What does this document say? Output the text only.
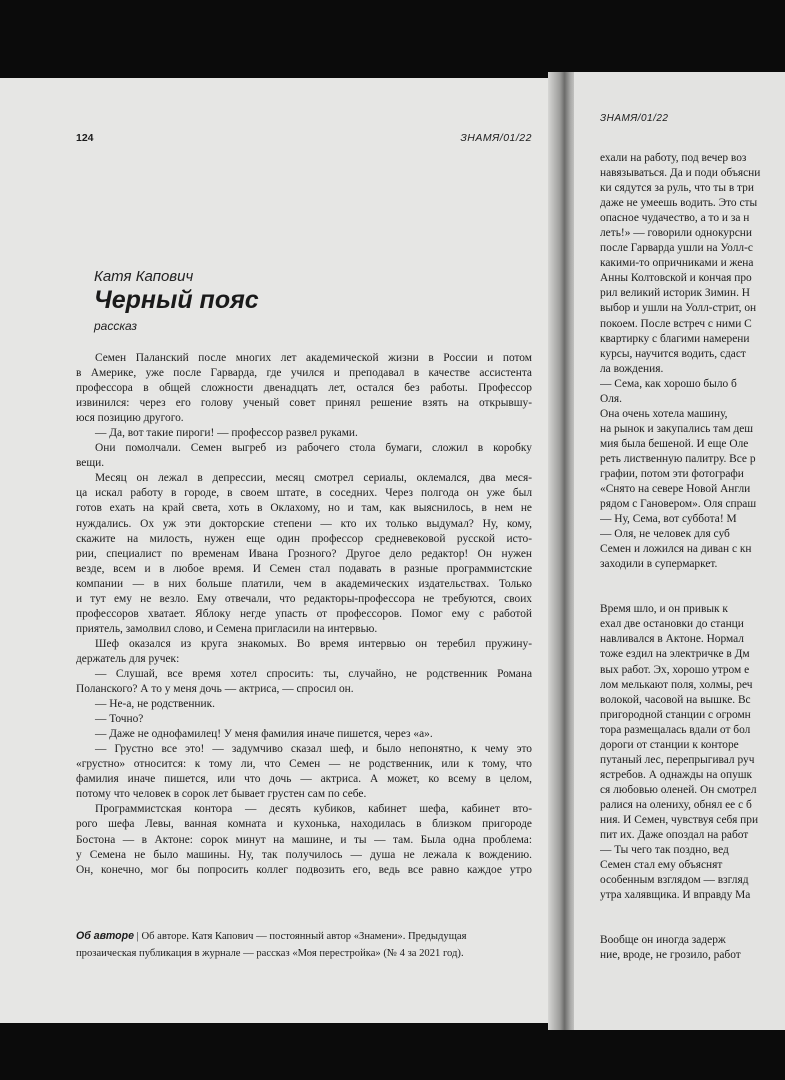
124	ЗНАМЯ/01/22
Катя Капович
Черный пояс
рассказ
Семен Паланский после многих лет академической жизни в России и потом
в Америке, уже после Гарварда, где учился и преподавал в качестве ассистента
профессора в общей сложности двенадцать лет, остался без работы. Профессор
извинился: через его голову ученый совет принял решение взять на открывшу-
юся позицию другого.
— Да, вот такие пироги! — профессор развел руками.
Они помолчали. Семен выгреб из рабочего стола бумаги, сложил в коробку
вещи.
Месяц он лежал в депрессии, месяц смотрел сериалы, оклемался, два меся-
ца искал работу в городе, в своем штате, в соседних. Через полгода он уже был
готов ехать на край света, хоть в Оклахому, но и там, как выяснилось, в нем не
нуждались. Ох уж эти докторские степени — кто их только выдумал? Ну, кому,
скажите на милость, нужен еще один профессор средневековой русской исто-
рии, специалист по временам Ивана Грозного? Другое дело редактор! Он нужен
везде, всем и в любое время. И Семен стал подавать в разные программистские
компании — в них больше платили, чем в академических издательствах. Только
и тут ему не везло. Ему отвечали, что редакторы-профессора не требуются, своих
профессоров хватает. Яблоку негде упасть от профессоров. Помог ему с работой
приятель, замолвил слово, и Семена пригласили на интервью.
Шеф оказался из круга знакомых. Во время интервью он теребил пружину-
держатель для ручек:
— Слушай, все время хотел спросить: ты, случайно, не родственник Романа
Поланского? А то у меня дочь — актриса, — спросил он.
— Не-а, не родственник.
— Точно?
— Даже не однофамилец! У меня фамилия иначе пишется, через «а».
— Грустно все это! — задумчиво сказал шеф, и было непонятно, к чему это
«грустно» относится: к тому ли, что Семен — не родственник, или к тому, что
фамилия иначе пишется, или что дочь — актриса. А может, ко всему в целом,
потому что человек в сорок лет бывает грустен сам по себе.
Программистская контора — десять кубиков, кабинет шефа, кабинет вто-
рого шефа Левы, ванная комната и кухонька, находилась в близком пригороде
Бостона — в Актоне: сорок минут на машине, и ты — там. Была одна проблема:
у Семена не было машины. Ну, так получилось — душа не лежала к вождению.
Он, конечно, мог бы попросить коллег подвозить его, ведь все равно каждое утро
Об авторе | Об авторе. Катя Капович — постоянный автор «Знамени». Предыдущая
прозаическая публикация в журнале — рассказ «Моя перестройка» (№ 4 за 2021 год).
ЗНАМЯ/01/22
ехали на работу, под вечер воз
навязываться. Да и поди объясни
ки сядутся за руль, что ты в три
даже не умеешь водить. Это сты
опасное чудачество, а то и за н
леть!» — говорили однокурсни
после Гарварда ушли на Уолл-с
какими-то опричниками и жена
Анны Колтовской и кончая про
рил великий историк Зимин. Н
выбор и ушли на Уолл-стрит, он
покоем. После встреч с ними С
квартирку с благими намерени
курсы, научится водить, сдаст
ла вождения.
— Сема, как хорошо было б
Оля.
Она очень хотела машину,
на рынок и закупались там деш
мия была бешеной. И еще Оле
реть лиственную палитру. Все р
графии, потом эти фотографи
«Снято на севере Новой Англи
рядом с Гановером». Оля спраш
— Ну, Сема, вот суббота! М
— Оля, не человек для суб
Семен и ложился на диван с кн
заходили в супермаркет.
Время шло, и он привык к
ехал две остановки до станци
навливался в Актоне. Нормал
тоже ездил на электричке в Дм
вых работ. Эх, хорошо утром е
лом мелькают поля, холмы, реч
волокой, часовой на вышке. Вс
пригородной станции с огромн
тора размещалась вдали от бол
дороги от станции к конторе
путаный лес, перепрыгивал руч
ястребов. А однажды на опушк
ся любовью оленей. Он смотрел
ралися на олениху, обнял ее с б
ния. И Семен, чувствуя себя при
пит их. Даже опоздал на работ
— Ты чего так поздно, вед
Семен стал ему объяснят
особенным взглядом — взгляд
утра халявщика. И вправду Ма
Вообще он иногда задерж
ние, вроде, не грозило, работ
